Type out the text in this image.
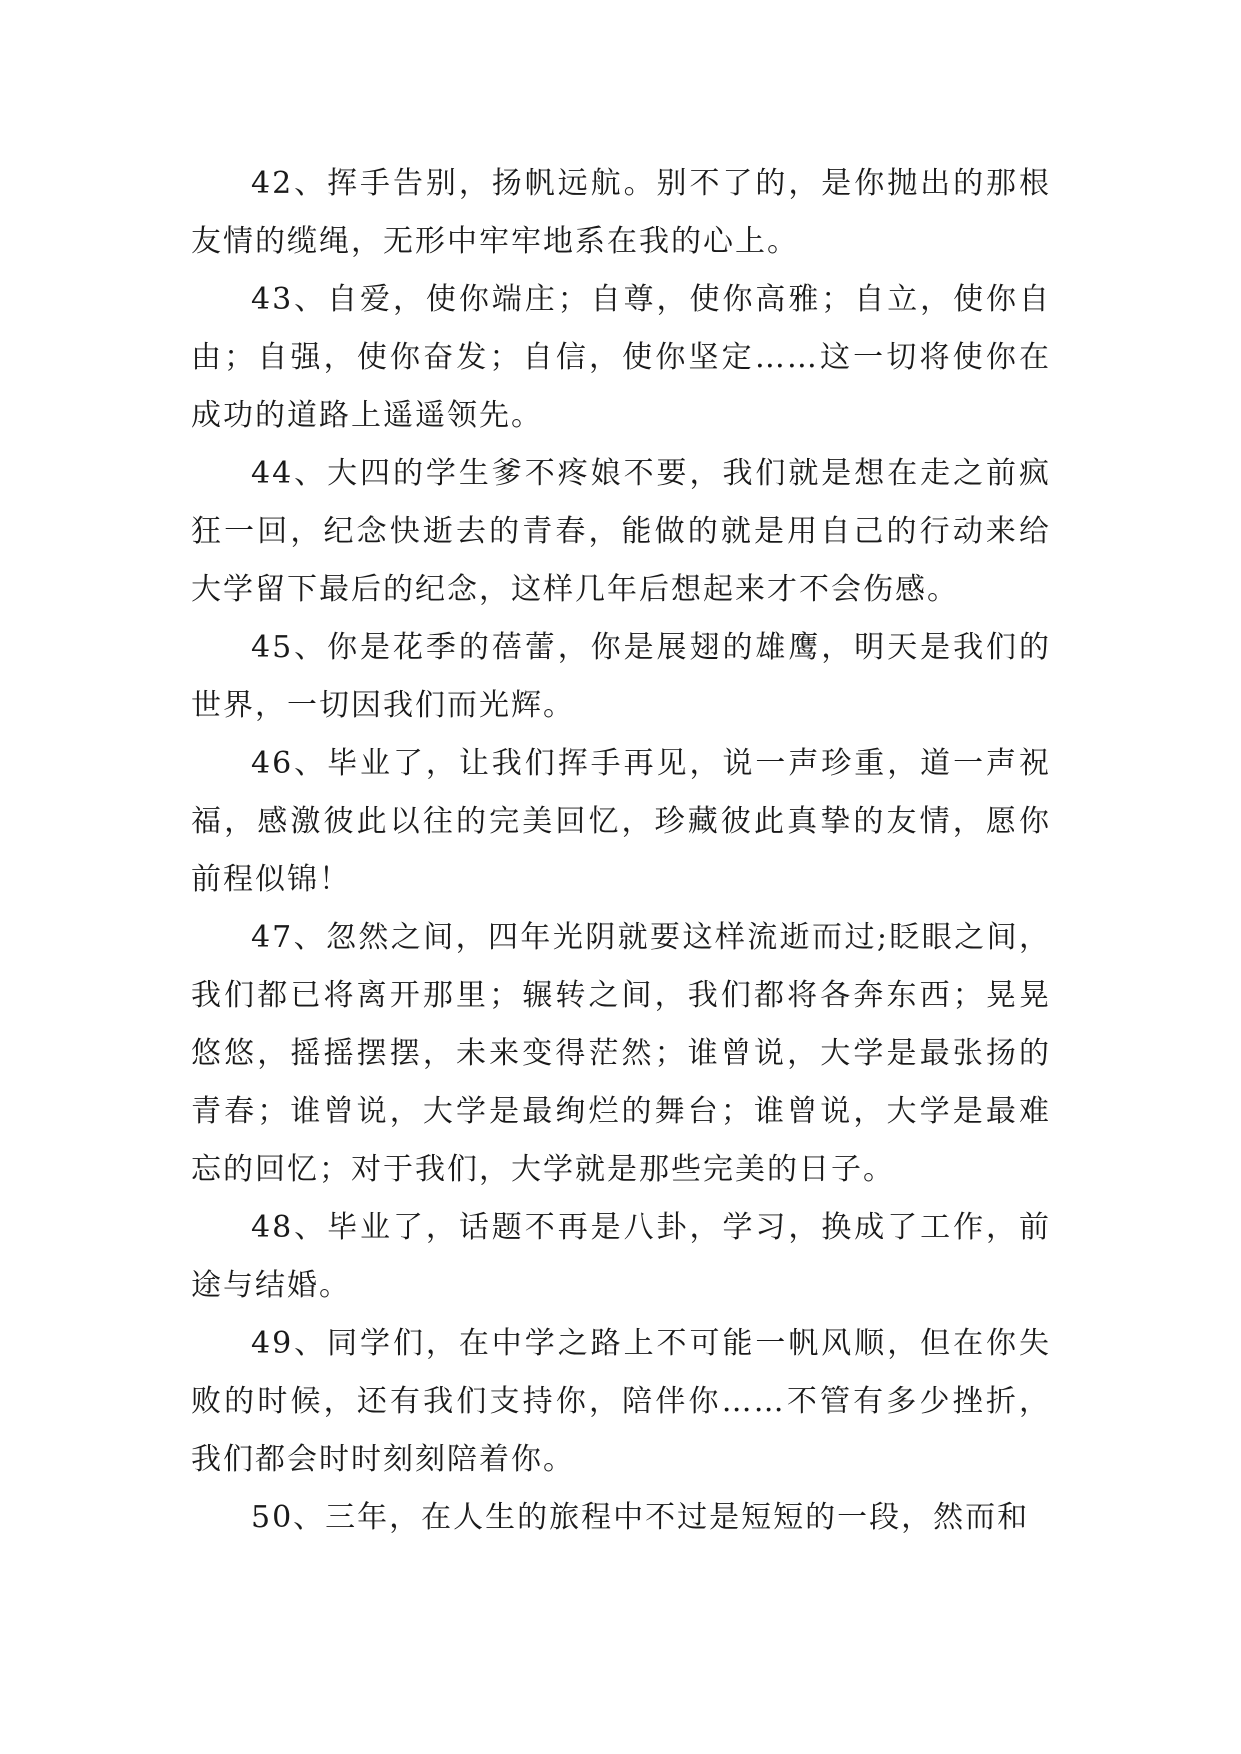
42、挥手告别，扬帆远航。别不了的，是你抛出的那根友情的缆绳，无形中牢牢地系在我的心上。

43、自爱，使你端庄；自尊，使你高雅；自立，使你自由；自强，使你奋发；自信，使你坚定……这一切将使你在成功的道路上遥遥领先。

44、大四的学生爹不疼娘不要，我们就是想在走之前疯狂一回，纪念快逝去的青春，能做的就是用自己的行动来给大学留下最后的纪念，这样几年后想起来才不会伤感。

45、你是花季的蓓蕾，你是展翅的雄鹰，明天是我们的世界，一切因我们而光辉。

46、毕业了，让我们挥手再见，说一声珍重，道一声祝福，感激彼此以往的完美回忆，珍藏彼此真挚的友情，愿你前程似锦！

47、忽然之间，四年光阴就要这样流逝而过;眨眼之间，我们都已将离开那里；辗转之间，我们都将各奔东西；晃晃悠悠，摇摇摆摆，未来变得茫然；谁曾说，大学是最张扬的青春；谁曾说，大学是最绚烂的舞台；谁曾说，大学是最难忘的回忆；对于我们，大学就是那些完美的日子。

48、毕业了，话题不再是八卦，学习，换成了工作，前途与结婚。

49、同学们，在中学之路上不可能一帆风顺，但在你失败的时候，还有我们支持你，陪伴你……不管有多少挫折，我们都会时时刻刻陪着你。

50、三年，在人生的旅程中不过是短短的一段，然而和
